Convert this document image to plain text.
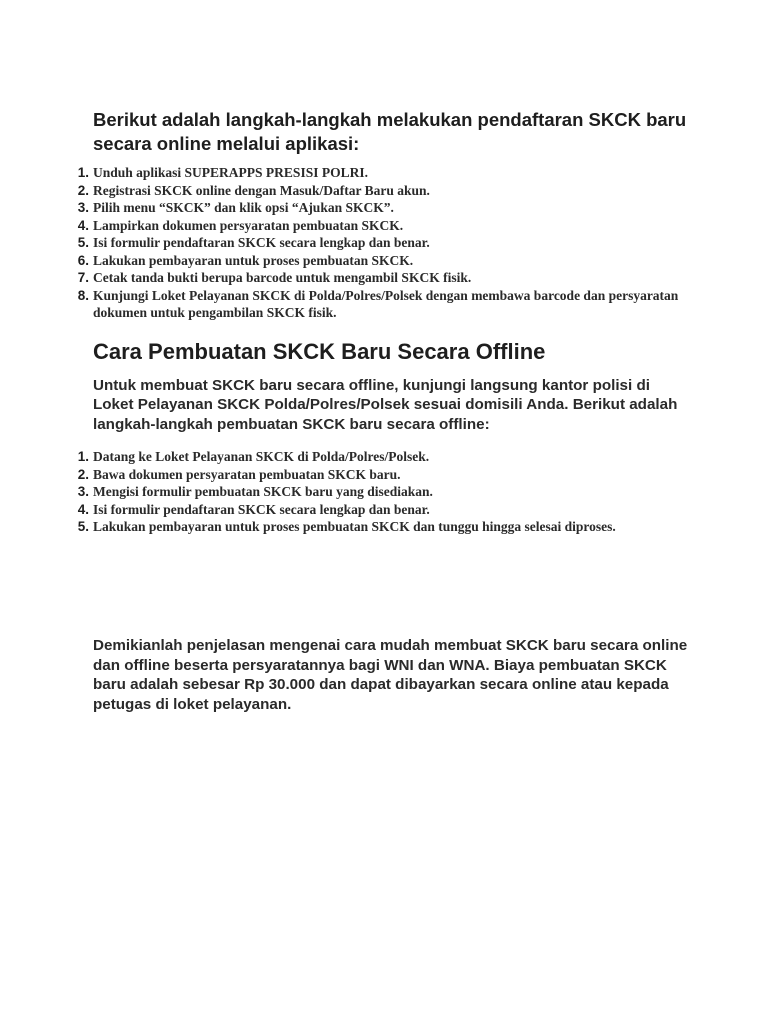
Berikut adalah langkah-langkah melakukan pendaftaran SKCK baru secara online melalui aplikasi:
1. Unduh aplikasi SUPERAPPS PRESISI POLRI.
2. Registrasi SKCK online dengan Masuk/Daftar Baru akun.
3. Pilih menu “SKCK” dan klik opsi “Ajukan SKCK”.
4. Lampirkan dokumen persyaratan pembuatan SKCK.
5. Isi formulir pendaftaran SKCK secara lengkap dan benar.
6. Lakukan pembayaran untuk proses pembuatan SKCK.
7. Cetak tanda bukti berupa barcode untuk mengambil SKCK fisik.
8. Kunjungi Loket Pelayanan SKCK di Polda/Polres/Polsek dengan membawa barcode dan persyaratan dokumen untuk pengambilan SKCK fisik.
Cara Pembuatan SKCK Baru Secara Offline

Untuk membuat SKCK baru secara offline, kunjungi langsung kantor polisi di Loket Pelayanan SKCK Polda/Polres/Polsek sesuai domisili Anda. Berikut adalah langkah-langkah pembuatan SKCK baru secara offline:

1. Datang ke Loket Pelayanan SKCK di Polda/Polres/Polsek.
2. Bawa dokumen persyaratan pembuatan SKCK baru.
3. Mengisi formulir pembuatan SKCK baru yang disediakan.
4. Isi formulir pendaftaran SKCK secara lengkap dan benar.
5. Lakukan pembayaran untuk proses pembuatan SKCK dan tunggu hingga selesai diproses.

Demikianlah penjelasan mengenai cara mudah membuat SKCK baru secara online dan offline beserta persyaratannya bagi WNI dan WNA. Biaya pembuatan SKCK baru adalah sebesar Rp 30.000 dan dapat dibayarkan secara online atau kepada petugas di loket pelayanan.
